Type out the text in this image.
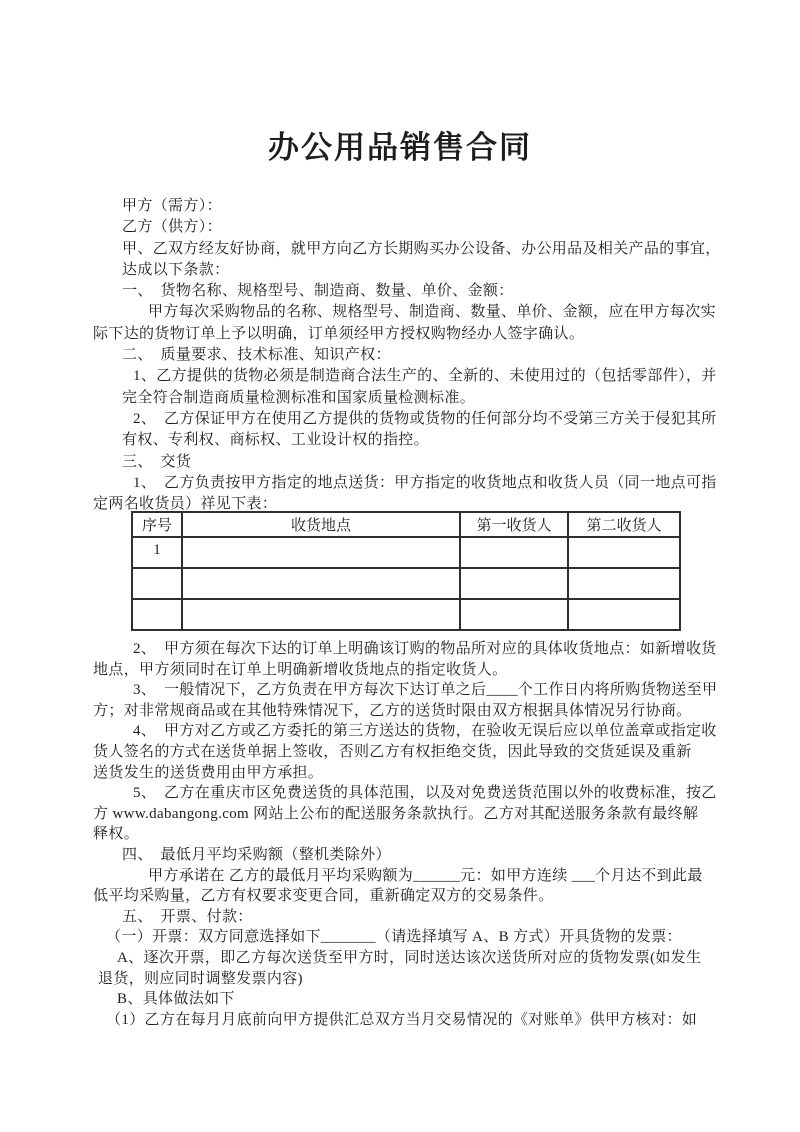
办公用品销售合同
甲方（需方）：
乙方（供方）：
甲、乙双方经友好协商，就甲方向乙方长期购买办公设备、办公用品及相关产品的事宜，
达成以下条款：
一、　货物名称、规格型号、制造商、数量、单价、金额：
甲方每次采购物品的名称、规格型号、制造商、数量、单价、金额，应在甲方每次实
际下达的货物订单上予以明确，订单须经甲方授权购物经办人签字确认。
二、　质量要求、技术标准、知识产权：
1、乙方提供的货物必须是制造商合法生产的、全新的、未使用过的（包括零部件），并
完全符合制造商质量检测标准和国家质量检测标准。
2、　乙方保证甲方在使用乙方提供的货物或货物的任何部分均不受第三方关于侵犯其所
有权、专利权、商标权、工业设计权的指控。
三、　交货
1、　乙方负责按甲方指定的地点送货：甲方指定的收货地点和收货人员（同一地点可指
定两名收货员）祥见下表：
序号	收货地点	第一收货人	第二收货人
1			

2、　甲方须在每次下达的订单上明确该订购的物品所对应的具体收货地点：如新增收货
地点，甲方须同时在订单上明确新增收货地点的指定收货人。
3、　一般情况下，乙方负责在甲方每次下达订单之后____个工作日内将所购货物送至甲
方；对非常规商品或在其他特殊情况下，乙方的送货时限由双方根据具体情况另行协商。
4、　甲方对乙方或乙方委托的第三方送达的货物，在验收无误后应以单位盖章或指定收
货人签名的方式在送货单据上签收，否则乙方有权拒绝交货，因此导致的交货延误及重新
送货发生的送货费用由甲方承担。
5、　乙方在重庆市区免费送货的具体范围，以及对免费送货范围以外的收费标准，按乙
方 www.dabangong.com 网站上公布的配送服务条款执行。乙方对其配送服务条款有最终解
释权。
四、　最低月平均采购额（整机类除外）
甲方承诺在 乙方的最低月平均采购额为______元：如甲方连续 ___个月达不到此最
低平均采购量，乙方有权要求变更合同，重新确定双方的交易条件。
五、　开票、付款：
（一）开票：双方同意选择如下_______（请选择填写 A、B 方式）开具货物的发票：
A、逐次开票，即乙方每次送货至甲方时，同时送达该次送货所对应的货物发票(如发生
退货，则应同时调整发票内容)
B、具体做法如下
（1）乙方在每月月底前向甲方提供汇总双方当月交易情况的《对账单》供甲方核对：如
